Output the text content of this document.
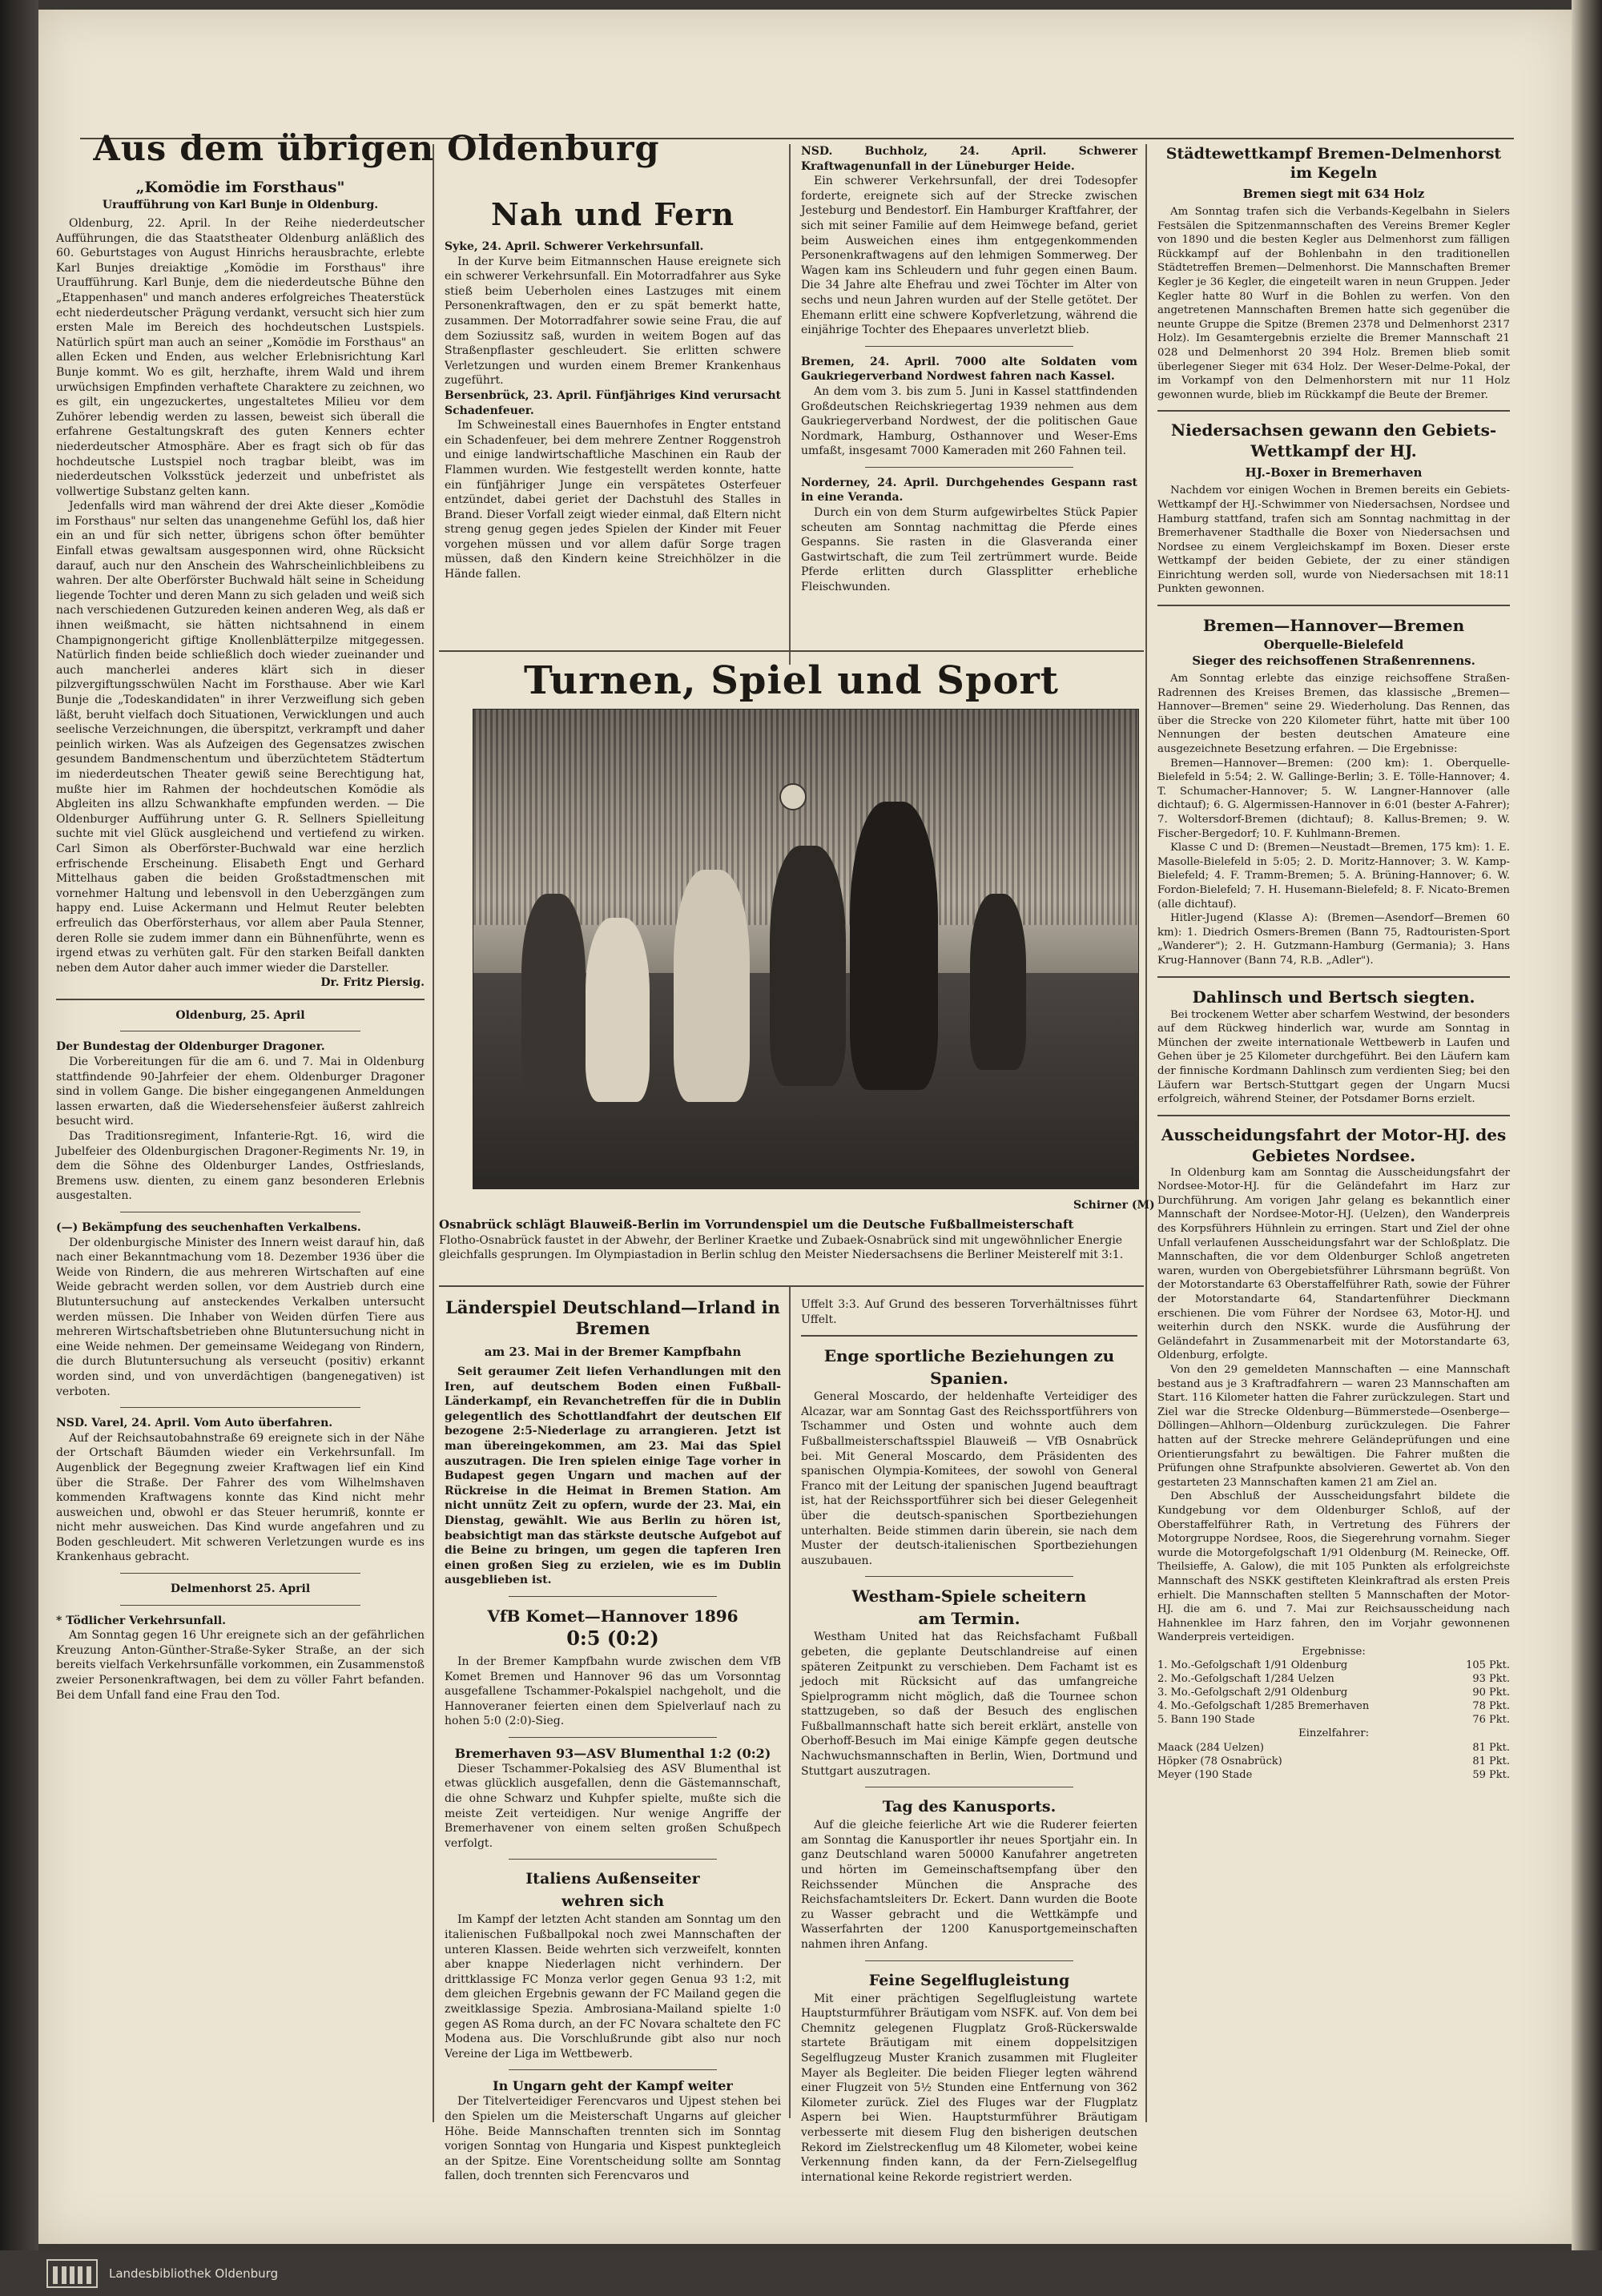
Aus dem übrigen Oldenburg
„Komödie im Forsthaus"
Uraufführung von Karl Bunje in Oldenburg.

Oldenburg, 22. April. In der Reihe niederdeutscher Aufführungen, die das Staatstheater Oldenburg anläßlich des 60. Geburtstages von August Hinrichs herausbrachte, erlebte Karl Bunjes dreiaktige „Komödie im Forsthaus" ihre Uraufführung. Karl Bunje, dem die niederdeutsche Bühne den „Etappenhasen" und manch anderes erfolgreiches Theaterstück echt niederdeutscher Prägung verdankt, versucht sich hier zum ersten Male im Bereich des hochdeutschen Lustspiels. Natürlich spürt man auch an seiner „Komödie im Forsthaus" an allen Ecken und Enden, aus welcher Erlebnisrichtung Karl Bunje kommt. Wo es gilt, herzhafte, ihrem Wald und ihrem urwüchsigen Empfinden verhaftete Charaktere zu zeichnen, wo es gilt, ein ungezuckertes, ungestaltetes Milieu vor dem Zuhörer lebendig werden zu lassen, beweist sich überall die erfahrene Gestaltungskraft des guten Kenners echter niederdeutscher Atmosphäre. Aber es fragt sich ob für das hochdeutsche Lustspiel noch tragbar bleibt, was im niederdeutschen Volksstück jederzeit und unbefristet als vollwertige Substanz gelten kann.

Jedenfalls wird man während der drei Akte dieser „Komödie im Forsthaus" nur selten das unangenehme Gefühl los, daß hier ein an und für sich netter, übrigens schon öfter bemühter Einfall etwas gewaltsam ausgesponnen wird, ohne Rücksicht darauf, auch nur den Anschein des Wahrscheinlichbleibens zu wahren. Der alte Oberförster Buchwald hält seine in Scheidung liegende Tochter und deren Mann zu sich geladen und weiß sich nach verschiedenen Gutzureden keinen anderen Weg, als daß er ihnen weißmacht, sie hätten nichtsahnend in einem Champignongericht giftige Knollenblätterpilze mitgegessen. Natürlich finden beide schließlich doch wieder zueinander und auch mancherlei anderes klärt sich in dieser pilzvergiftungsschwülen Nacht im Forsthause. Aber wie Karl Bunje die „Todeskandidaten" in ihrer Verzweiflung sich geben läßt, beruht vielfach doch Situationen, Verwicklungen und auch seelische Verzeichnungen, die überspitzt, verkrampft und daher peinlich wirken. Was als Aufzeigen des Gegensatzes zwischen gesundem Bandmenschentum und überzüchtetem Städtertum im niederdeutschen Theater gewiß seine Berechtigung hat, mußte hier im Rahmen der hochdeutschen Komödie als Abgleiten ins allzu Schwankhafte empfunden werden. — Die Oldenburger Aufführung unter G. R. Sellners Spielleitung suchte mit viel Glück ausgleichend und vertiefend zu wirken. Carl Simon als Oberförster-Buchwald war eine herzlich erfrischende Erscheinung. Elisabeth Engt und Gerhard Mittelhaus gaben die beiden Großstadtmenschen mit vornehmer Haltung und lebensvoll in den Ueberzgängen zum happy end. Luise Ackermann und Helmut Reuter belebten erfreulich das Oberförsterhaus, vor allem aber Paula Stenner, deren Rolle sie zudem immer dann ein Bühnenführte, wenn es irgend etwas zu verhüten galt. Für den starken Beifall dankten neben dem Autor daher auch immer wieder die Darsteller.

Dr. Fritz Piersig.
Oldenburg, 25. April

Der Bundestag der Oldenburger Dragoner.

Die Vorbereitungen für die am 6. und 7. Mai in Oldenburg stattfindende 90-Jahrfeier der ehem. Oldenburger Dragoner sind in vollem Gange. Die bisher eingegangenen Anmeldungen lassen erwarten, daß die Wiedersehensfeier äußerst zahlreich besucht wird.

Das Traditionsregiment, Infanterie-Rgt. 16, wird die Jubelfeier des Oldenburgischen Dragoner-Regiments Nr. 19, in dem die Söhne des Oldenburger Landes, Ostfrieslands, Bremens usw. dienten, zu einem ganz besonderen Erlebnis ausgestalten.

(—) Bekämpfung des seuchenhaften Verkalbens.

Der oldenburgische Minister des Innern weist darauf hin, daß nach einer Bekanntmachung vom 18. Dezember 1936 über die Weide von Rindern, die aus mehreren Wirtschaften auf eine Weide gebracht werden sollen, vor dem Austrieb durch eine Blutuntersuchung auf ansteckendes Verkalben untersucht werden müssen. Die Inhaber von Weiden dürfen Tiere aus mehreren Wirtschaftsbetrieben ohne Blutuntersuchung nicht in eine Weide nehmen. Der gemeinsame Weidegang von Rindern, die durch Blutuntersuchung als verseucht (positiv) erkannt worden sind, und von unverdächtigen (bangenegativen) ist verboten.

NSD. Varel, 24. April. Vom Auto überfahren.

Auf der Reichsautobahnstraße 69 ereignete sich in der Nähe der Ortschaft Bäumden wieder ein Verkehrsunfall. Im Augenblick der Begegnung zweier Kraftwagen lief ein Kind über die Straße. Der Fahrer des vom Wilhelmshaven kommenden Kraftwagens konnte das Kind nicht mehr ausweichen und, obwohl er das Steuer herumriß, konnte er nicht mehr ausweichen. Das Kind wurde angefahren und zu Boden geschleudert. Mit schweren Verletzungen wurde es ins Krankenhaus gebracht.

Delmenhorst 25. April

* Tödlicher Verkehrsunfall.

Am Sonntag gegen 16 Uhr ereignete sich an der gefährlichen Kreuzung Anton-Günther-Straße-Syker Straße, an der sich bereits vielfach Verkehrsunfälle vorkommen, ein Zusammenstoß zweier Personenkraftwagen, bei dem zu völler Fahrt befanden. Bei dem Unfall fand eine Frau den Tod.

Nah und Fern

Syke, 24. April. Schwerer Verkehrsunfall.

In der Kurve beim Eitmannschen Hause ereignete sich ein schwerer Verkehrsunfall. Ein Motorradfahrer aus Syke stieß beim Ueberholen eines Lastzuges mit einem Personenkraftwagen, den er zu spät bemerkt hatte, zusammen. Der Motorradfahrer sowie seine Frau, die auf dem Soziussitz saß, wurden in weitem Bogen auf das Straßenpflaster geschleudert. Sie erlitten schwere Verletzungen und wurden einem Bremer Krankenhaus zugeführt.

Bersenbrück, 23. April. Fünfjähriges Kind verursacht Schadenfeuer.

Im Schweinestall eines Bauernhofes in Engter entstand ein Schadenfeuer, bei dem mehrere Zentner Roggenstroh und einige landwirtschaftliche Maschinen ein Raub der Flammen wurden. Wie festgestellt werden konnte, hatte ein fünfjähriger Junge ein verspätetes Osterfeuer entzündet, dabei geriet der Dachstuhl des Stalles in Brand. Dieser Vorfall zeigt wieder einmal, daß Eltern nicht streng genug gegen jedes Spielen der Kinder mit Feuer vorgehen müssen und vor allem dafür Sorge tragen müssen, daß den Kindern keine Streichhölzer in die Hände fallen.

NSD. Buchholz, 24. April. Schwerer Kraftwagenunfall in der Lüneburger Heide.

Ein schwerer Verkehrsunfall, der drei Todesopfer forderte, ereignete sich auf der Strecke zwischen Jesteburg und Bendestorf. Ein Hamburger Kraftfahrer, der sich mit seiner Familie auf dem Heimwege befand, geriet beim Ausweichen eines ihm entgegenkommenden Personenkraftwagens auf den lehmigen Sommerweg. Der Wagen kam ins Schleudern und fuhr gegen einen Baum. Die 34 Jahre alte Ehefrau und zwei Töchter im Alter von sechs und neun Jahren wurden auf der Stelle getötet. Der Ehemann erlitt eine schwere Kopfverletzung, während die einjährige Tochter des Ehepaares unverletzt blieb.

Bremen, 24. April. 7000 alte Soldaten vom Gaukriegerverband Nordwest fahren nach Kassel.

An dem vom 3. bis zum 5. Juni in Kassel stattfindenden Großdeutschen Reichskriegertag 1939 nehmen aus dem Gaukriegerverband Nordwest, der die politischen Gaue Nordmark, Hamburg, Osthannover und Weser-Ems umfaßt, insgesamt 7000 Kameraden mit 260 Fahnen teil.

Norderney, 24. April. Durchgehendes Gespann rast in eine Veranda.

Durch ein von dem Sturm aufgewirbeltes Stück Papier scheuten am Sonntag nachmittag die Pferde eines Gespanns. Sie rasten in die Glasveranda einer Gastwirtschaft, die zum Teil zertrümmert wurde. Beide Pferde erlitten durch Glassplitter erhebliche Fleischwunden.

Turnen, Spiel und Sport
Schirner (M)
Osnabrück schlägt Blauweiß-Berlin im Vorrundenspiel um die Deutsche Fußballmeisterschaft
Flotho-Osnabrück faustet in der Abwehr, der Berliner Kraetke und Zubaek-Osnabrück sind mit ungewöhnlicher Energie gleichfalls gesprungen. Im Olympiastadion in Berlin schlug den Meister Niedersachsens die Berliner Meisterelf mit 3:1.
Länderspiel Deutschland—Irland in Bremen
am 23. Mai in der Bremer Kampfbahn

Seit geraumer Zeit liefen Verhandlungen mit den Iren, auf deutschem Boden einen Fußball-Länderkampf, ein Revanchetreffen für die in Dublin gelegentlich des Schottlandfahrt der deutschen Elf bezogene 2:5-Niederlage zu arrangieren. Jetzt ist man übereingekommen, am 23. Mai das Spiel auszutragen. Die Iren spielen einige Tage vorher in Budapest gegen Ungarn und machen auf der Rückreise in die Heimat in Bremen Station. Am nicht unnütz Zeit zu opfern, wurde der 23. Mai, ein Dienstag, gewählt. Wie aus Berlin zu hören ist, beabsichtigt man das stärkste deutsche Aufgebot auf die Beine zu bringen, um gegen die tapferen Iren einen großen Sieg zu erzielen, wie es im Dublin ausgeblieben ist.

VfB Komet—Hannover 1896
0:5 (0:2)

In der Bremer Kampfbahn wurde zwischen dem VfB Komet Bremen und Hannover 96 das um Vorsonntag ausgefallene Tschammer-Pokalspiel nachgeholt, und die Hannoveraner feierten einen dem Spielverlauf nach zu hohen 5:0 (2:0)-Sieg.

Bremerhaven 93—ASV Blumenthal 1:2 (0:2)

Dieser Tschammer-Pokalsieg des ASV Blumenthal ist etwas glücklich ausgefallen, denn die Gästemannschaft, die ohne Schwarz und Kuhpfer spielte, mußte sich die meiste Zeit verteidigen. Nur wenige Angriffe der Bremerhavener von einem selten großen Schußpech verfolgt.

Italiens Außenseiter wehren sich

Im Kampf der letzten Acht standen am Sonntag um den italienischen Fußballpokal noch zwei Mannschaften der unteren Klassen. Beide wehrten sich verzweifelt, konnten aber knappe Niederlagen nicht verhindern. Der drittklassige FC Monza verlor gegen Genua 93 1:2, mit dem gleichen Ergebnis gewann der FC Mailand gegen die zweitklassige Spezia. Ambrosiana-Mailand spielte 1:0 gegen AS Roma durch, an der FC Novara schaltete den FC Modena aus. Die Vorschlußrunde gibt also nur noch Vereine der Liga im Wettbewerb.

In Ungarn geht der Kampf weiter

Der Titelverteidiger Ferencvaros und Ujpest stehen bei den Spielen um die Meisterschaft Ungarns auf gleicher Höhe. Beide Mannschaften trennten sich im Sonntag vorigen Sonntag von Hungaria und Kispest punktegleich an der Spitze. Eine Vorentscheidung sollte am Sonntag fallen, doch trennten sich Ferencvaros und

Uffelt 3:3. Auf Grund des besseren Torverhältnisses führt Uffelt.

Enge sportliche Beziehungen zu Spanien.

General Moscardo, der heldenhafte Verteidiger des Alcazar, war am Sonntag Gast des Reichssportführers von Tschammer und Osten und wohnte auch dem Fußballmeisterschaftsspiel Blauweiß — VfB Osnabrück bei. Mit General Moscardo, dem Präsidenten des spanischen Olympia-Komitees, der sowohl von General Franco mit der Leitung der spanischen Jugend beauftragt ist, hat der Reichssportführer sich bei dieser Gelegenheit über die deutsch-spanischen Sportbeziehungen unterhalten. Beide stimmen darin überein, sie nach dem Muster der deutsch-italienischen Sportbeziehungen auszubauen.

Westham-Spiele scheitern am Termin.

Westham United hat das Reichsfachamt Fußball gebeten, die geplante Deutschlandreise auf einen späteren Zeitpunkt zu verschieben. Dem Fachamt ist es jedoch mit Rücksicht auf das umfangreiche Spielprogramm nicht möglich, daß die Tournee schon stattzugeben, so daß der Besuch des englischen Fußballmannschaft hatte sich bereit erklärt, anstelle von Oberhoff-Besuch im Mai einige Kämpfe gegen deutsche Nachwuchsmannschaften in Berlin, Wien, Dortmund und Stuttgart auszutragen.

Tag des Kanusports.

Auf die gleiche feierliche Art wie die Ruderer feierten am Sonntag die Kanusportler ihr neues Sportjahr ein. In ganz Deutschland waren 50000 Kanufahrer angetreten und hörten im Gemeinschaftsempfang über den Reichssender München die Ansprache des Reichsfachamtsleiters Dr. Eckert. Dann wurden die Boote zu Wasser gebracht und die Wettkämpfe und Wasserfahrten der 1200 Kanusportgemeinschaften nahmen ihren Anfang.

Feine Segelflugleistung

Mit einer prächtigen Segelflugleistung wartete Hauptsturmführer Bräutigam vom NSFK. auf. Von dem bei Chemnitz gelegenen Flugplatz Groß-Rückerswalde startete Bräutigam mit einem doppelsitzigen Segelflugzeug Muster Kranich zusammen mit Flugleiter Mayer als Begleiter. Die beiden Flieger legten während einer Flugzeit von 5½ Stunden eine Entfernung von 362 Kilometer zurück. Ziel des Fluges war der Flugplatz Aspern bei Wien. Hauptsturmführer Bräutigam verbesserte mit diesem Flug den bisherigen deutschen Rekord im Zielstreckenflug um 48 Kilometer, wobei keine Verkennung finden kann, da der Fern-Zielsegelflug international keine Rekorde registriert werden.

Städtewettkampf Bremen-Delmenhorst im Kegeln
Bremen siegt mit 634 Holz

Am Sonntag trafen sich die Verbands-Kegelbahn in Sielers Festsälen die Spitzenmannschaften des Vereins Bremer Kegler von 1890 und die besten Kegler aus Delmenhorst zum fälligen Rückkampf auf der Bohlenbahn in den traditionellen Städtetreffen Bremen—Delmenhorst. Die Mannschaften Bremer Kegler je 36 Kegler, die eingeteilt waren in neun Gruppen. Jeder Kegler hatte 80 Wurf in die Bohlen zu werfen. Von den angetretenen Mannschaften Bremen hatte sich gegenüber die neunte Gruppe die Spitze (Bremen 2378 und Delmenhorst 2317 Holz). Im Gesamtergebnis erzielte die Bremer Mannschaft 21 028 und Delmenhorst 20 394 Holz. Bremen blieb somit überlegener Sieger mit 634 Holz. Der Weser-Delme-Pokal, der im Vorkampf von den Delmenhorstern mit nur 11 Holz gewonnen wurde, blieb im Rückkampf die Beute der Bremer.

Niedersachsen gewann den Gebiets-Wettkampf der HJ.
HJ.-Boxer in Bremerhaven

Nachdem vor einigen Wochen in Bremen bereits ein Gebiets-Wettkampf der HJ.-Schwimmer von Niedersachsen, Nordsee und Hamburg stattfand, trafen sich am Sonntag nachmittag in der Bremerhavener Stadthalle die Boxer von Niedersachsen und Nordsee zu einem Vergleichskampf im Boxen. Dieser erste Wettkampf der beiden Gebiete, der zu einer ständigen Einrichtung werden soll, wurde von Niedersachsen mit 18:11 Punkten gewonnen.

Bremen—Hannover—Bremen
Oberquelle-Bielefeld
Sieger des reichsoffenen Straßenrennens.

Am Sonntag erlebte das einzige reichsoffene Straßen-Radrennen des Kreises Bremen, das klassische „Bremen—Hannover—Bremen" seine 29. Wiederholung. Das Rennen, das über die Strecke von 220 Kilometer führt, hatte mit über 100 Nennungen der besten deutschen Amateure eine ausgezeichnete Besetzung erfahren. — Die Ergebnisse:

Bremen—Hannover—Bremen: (200 km): 1. Oberquelle-Bielefeld in 5:54; 2. W. Gallinge-Berlin; 3. E. Tölle-Hannover; 4. T. Schumacher-Hannover; 5. W. Langner-Hannover (alle dichtauf); 6. G. Algermissen-Hannover in 6:01 (bester A-Fahrer); 7. Woltersdorf-Bremen (dichtauf); 8. Kallus-Bremen; 9. W. Fischer-Bergedorf; 10. F. Kuhlmann-Bremen.

Klasse C und D: (Bremen—Neustadt—Bremen, 175 km): 1. E. Masolle-Bielefeld in 5:05; 2. D. Moritz-Hannover; 3. W. Kamp-Bielefeld; 4. F. Tramm-Bremen; 5. A. Brüning-Hannover; 6. W. Fordon-Bielefeld; 7. H. Husemann-Bielefeld; 8. F. Nicato-Bremen (alle dichtauf).

Hitler-Jugend (Klasse A): (Bremen—Asendorf—Bremen 60 km): 1. Diedrich Osmers-Bremen (Bann 75, Radtouristen-Sport „Wanderer"); 2. H. Gutzmann-Hamburg (Germania); 3. Hans Krug-Hannover (Bann 74, R.B. „Adler").

Dahlinsch und Bertsch siegten.

Bei trockenem Wetter aber scharfem Westwind, der besonders auf dem Rückweg hinderlich war, wurde am Sonntag in München der zweite internationale Wettbewerb in Laufen und Gehen über je 25 Kilometer durchgeführt. Bei den Läufern kam der finnische Kordmann Dahlinsch zum verdienten Sieg; bei den Läufern war Bertsch-Stuttgart gegen der Ungarn Mucsi erfolgreich, während Steiner, der Potsdamer Borns erzielt.

Ausscheidungsfahrt der Motor-HJ. des Gebietes Nordsee.

In Oldenburg kam am Sonntag die Ausscheidungsfahrt der Nordsee-Motor-HJ. für die Geländefahrt im Harz zur Durchführung. Am vorigen Jahr gelang es bekanntlich einer Mannschaft der Nordsee-Motor-HJ. (Uelzen), den Wanderpreis des Korpsführers Hühnlein zu erringen. Start und Ziel der ohne Unfall verlaufenen Ausscheidungsfahrt war der Schloßplatz. Die Mannschaften, die vor dem Oldenburger Schloß angetreten waren, wurden von Obergebietsführer Lührsmann begrüßt. Von der Motorstandarte 63 Oberstaffelführer Rath, sowie der Führer der Motorstandarte 64, Standartenführer Dieckmann erschienen. Die vom Führer der Nordsee 63, Motor-HJ. und weiterhin durch den NSKK. wurde die Ausführung der Geländefahrt in Zusammenarbeit mit der Motorstandarte 63, Oldenburg, erfolgte.

Von den 29 gemeldeten Mannschaften — eine Mannschaft bestand aus je 3 Kraftradfahrern — waren 23 Mannschaften am Start. 116 Kilometer hatten die Fahrer zurückzulegen. Start und Ziel war die Strecke Oldenburg—Bümmerstede—Osenberge—Döllingen—Ahlhorn—Oldenburg zurückzulegen. Die Fahrer hatten auf der Strecke mehrere Geländeprüfungen und eine Orientierungsfahrt zu bewältigen. Die Fahrer mußten die Prüfungen ohne Strafpunkte absolvieren. Gewertet ab. Von den gestarteten 23 Mannschaften kamen 21 am Ziel an.

Den Abschluß der Ausscheidungsfahrt bildete die Kundgebung vor dem Oldenburger Schloß, auf der Oberstaffelführer Rath, in Vertretung des Führers der Motorgruppe Nordsee, Roos, die Siegerehrung vornahm. Sieger wurde die Motorgefolgschaft 1/91 Oldenburg (M. Reinecke, Off. Theilsieffe, A. Galow), die mit 105 Punkten als erfolgreichste Mannschaft des NSKK gestifteten Kleinkraftrad als ersten Preis erhielt. Die Mannschaften stellten 5 Mannschaften der Motor-HJ. die am 6. und 7. Mai zur Reichsausscheidung nach Hahnenklee im Harz fahren, den im Vorjahr gewonnenen Wanderpreis verteidigen.

Ergebnisse:
1. Mo.-Gefolgschaft 1/91 Oldenburg	105 Pkt.
2. Mo.-Gefolgschaft 1/284 Uelzen	93 Pkt.
3. Mo.-Gefolgschaft 2/91 Oldenburg	90 Pkt.
4. Mo.-Gefolgschaft 1/285 Bremerhaven	78 Pkt.
5. Bann 190 Stade	76 Pkt.
Einzelfahrer:
Maack (284 Uelzen)	81 Pkt.
Höpker (78 Osnabrück)	81 Pkt.
Meyer (190 Stade	59 Pkt.
Landesbibliothek Oldenburg
